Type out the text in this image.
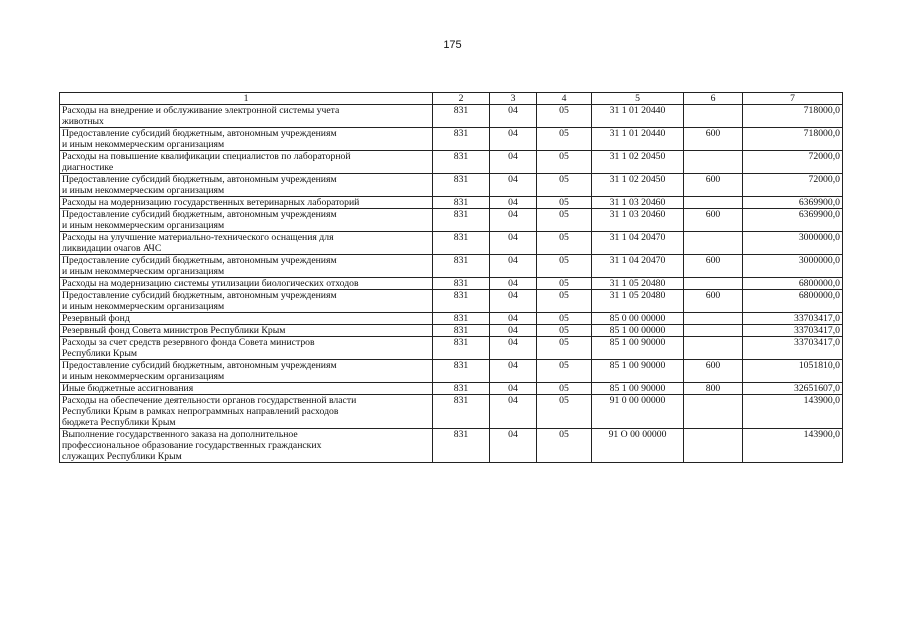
175
1	2	3	4	5	6	7
Расходы на внедрение и обслуживание электронной системы учета
животных	831	04	05	31 1 01 20440		718000,0
Предоставление субсидий бюджетным, автономным учреждениям
и иным некоммерческим организациям	831	04	05	31 1 01 20440	600	718000,0
Расходы на повышение квалификации специалистов по лабораторной
диагностике	831	04	05	31 1 02 20450		72000,0
Предоставление субсидий бюджетным, автономным учреждениям
и иным некоммерческим организациям	831	04	05	31 1 02 20450	600	72000,0
Расходы на модернизацию государственных ветеринарных лабораторий	831	04	05	31 1 03 20460		6369900,0
Предоставление субсидий бюджетным, автономным учреждениям
и иным некоммерческим организациям	831	04	05	31 1 03 20460	600	6369900,0
Расходы на улучшение материально-технического оснащения для
ликвидации очагов АЧС	831	04	05	31 1 04 20470		3000000,0
Предоставление субсидий бюджетным, автономным учреждениям
и иным некоммерческим организациям	831	04	05	31 1 04 20470	600	3000000,0
Расходы на модернизацию системы утилизации биологических отходов	831	04	05	31 1 05 20480		6800000,0
Предоставление субсидий бюджетным, автономным учреждениям
и иным некоммерческим организациям	831	04	05	31 1 05 20480	600	6800000,0
Резервный фонд	831	04	05	85 0 00 00000		33703417,0
Резервный фонд Совета министров Республики Крым	831	04	05	85 1 00 00000		33703417,0
Расходы за счет средств резервного фонда Совета министров
Республики Крым	831	04	05	85 1 00 90000		33703417,0
Предоставление субсидий бюджетным, автономным учреждениям
и иным некоммерческим организациям	831	04	05	85 1 00 90000	600	1051810,0
Иные бюджетные ассигнования	831	04	05	85 1 00 90000	800	32651607,0
Расходы на обеспечение деятельности органов государственной власти
Республики Крым в рамках непрограммных направлений расходов
бюджета Республики Крым	831	04	05	91 0 00 00000		143900,0
Выполнение государственного заказа на дополнительное
профессиональное образование государственных гражданских
служащих Республики Крым	831	04	05	91 О 00 00000		143900,0
